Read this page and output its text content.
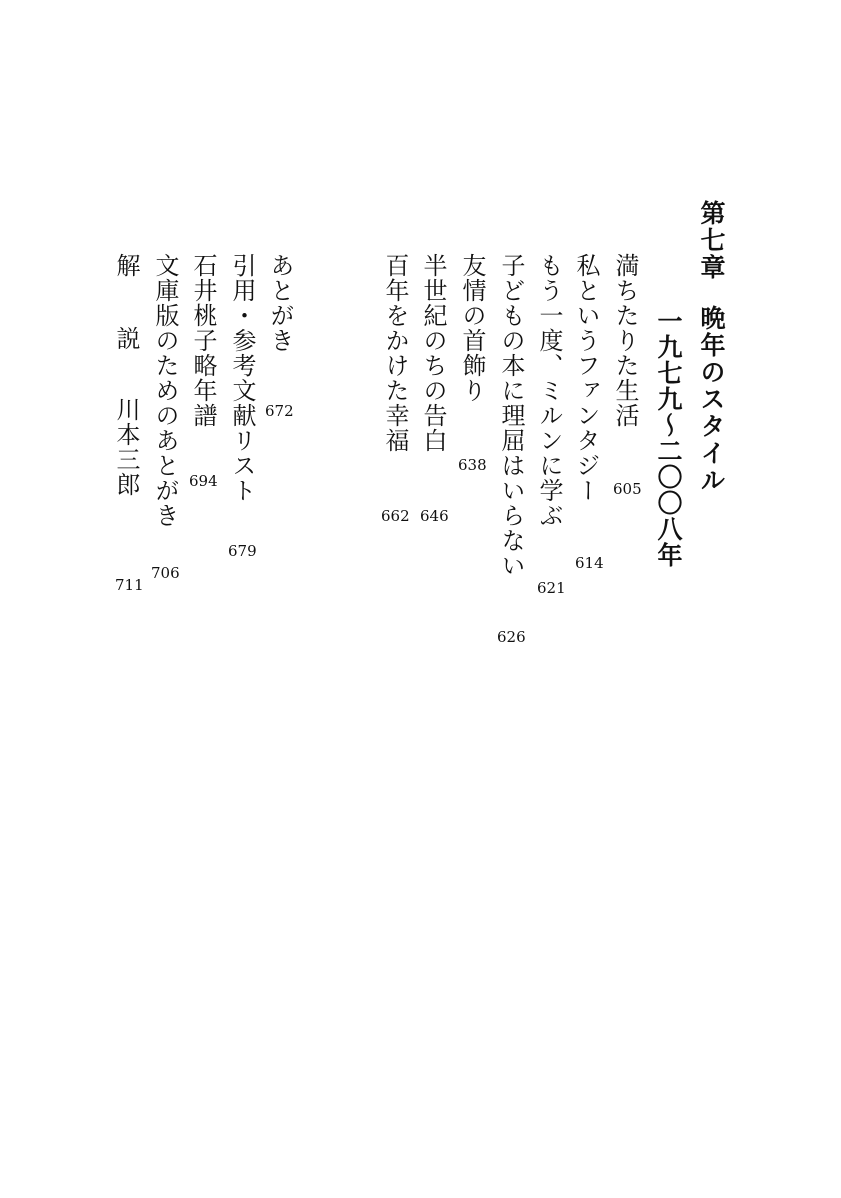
第七章晩年のスタイル
一九七九〜二〇〇八年
満ちたりた生活
605
私というファンタジー
614
もう一度、ミルンに学ぶ
621
子どもの本に理屈はいらない
626
友情の首飾り
638
半世紀のちの告白
646
百年をかけた幸福
662
あとがき
672
引用・参考文献リスト
679
石井桃子略年譜
694
文庫版のためのあとがき
706
解説川本三郎
711
